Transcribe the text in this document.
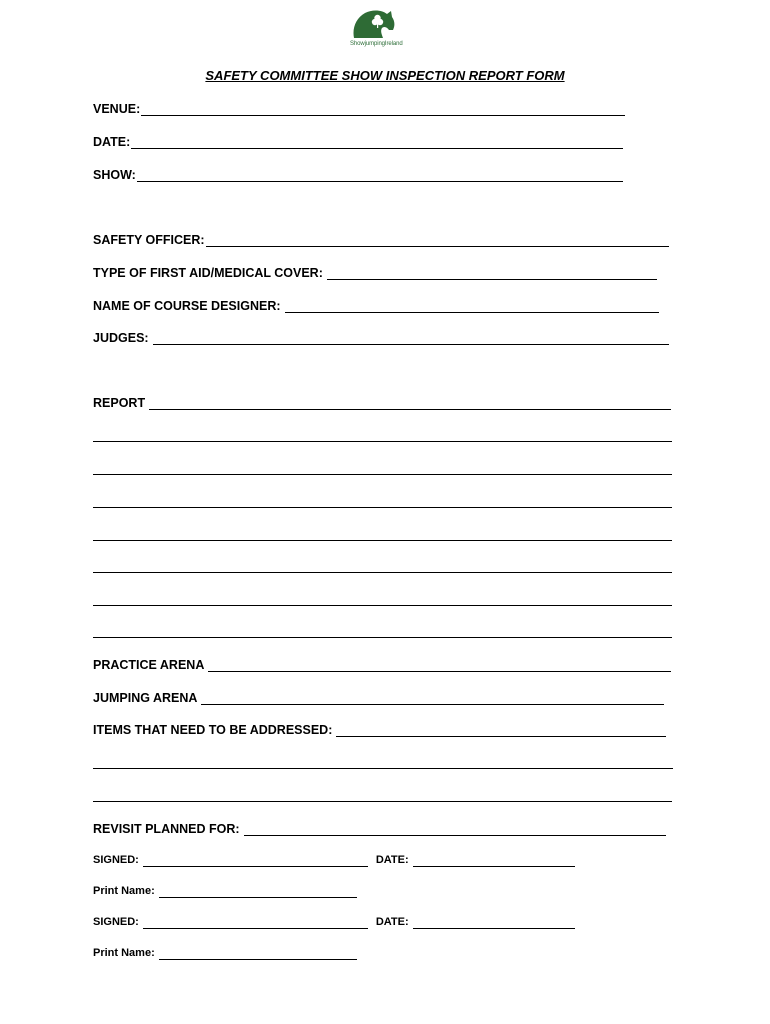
ShowjumpingIreland
SAFETY COMMITTEE SHOW INSPECTION REPORT FORM
VENUE:
DATE:
SHOW:
SAFETY OFFICER:
TYPE OF FIRST AID/MEDICAL COVER:
NAME OF COURSE DESIGNER:
JUDGES:
REPORT
PRACTICE ARENA
JUMPING ARENA
ITEMS THAT NEED TO BE ADDRESSED:
REVISIT PLANNED FOR:
SIGNED:	DATE:
Print Name:
SIGNED:	DATE:
Print Name:
